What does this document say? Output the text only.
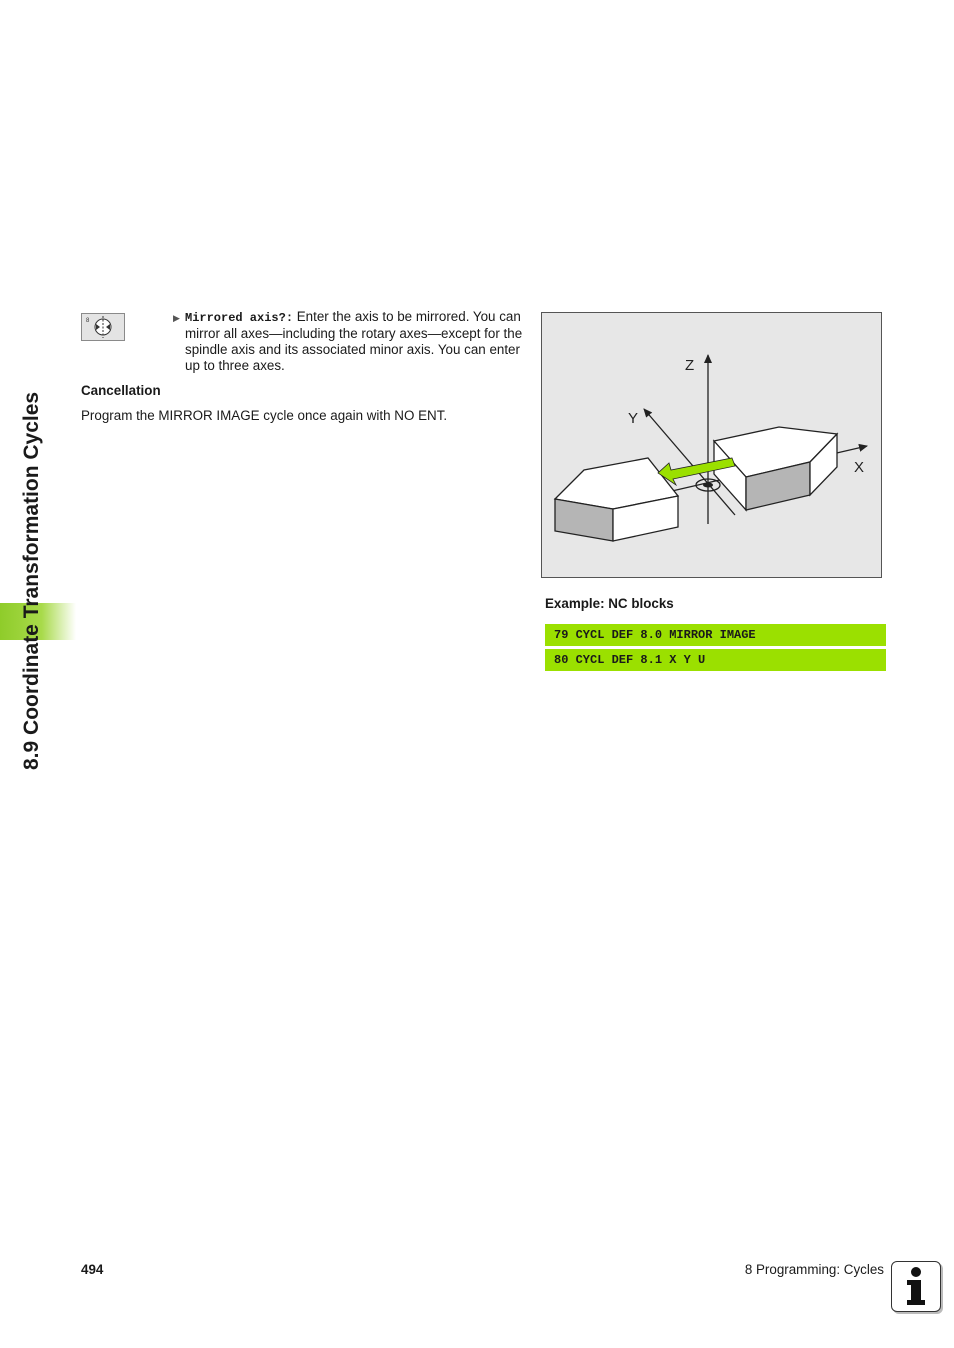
8.9 Coordinate Transformation Cycles
8	▶ Mirrored axis?: Enter the axis to be mirrored. You can mirror all axes—including the rotary axes—except for the spindle axis and its associated minor axis. You can enter up to three axes.
Cancellation
Program the MIRROR IMAGE cycle once again with NO ENT.
Z
Y
X
Example: NC blocks
79 CYCL DEF 8.0 MIRROR IMAGE
80 CYCL DEF 8.1 X Y U
494	8 Programming: Cycles
